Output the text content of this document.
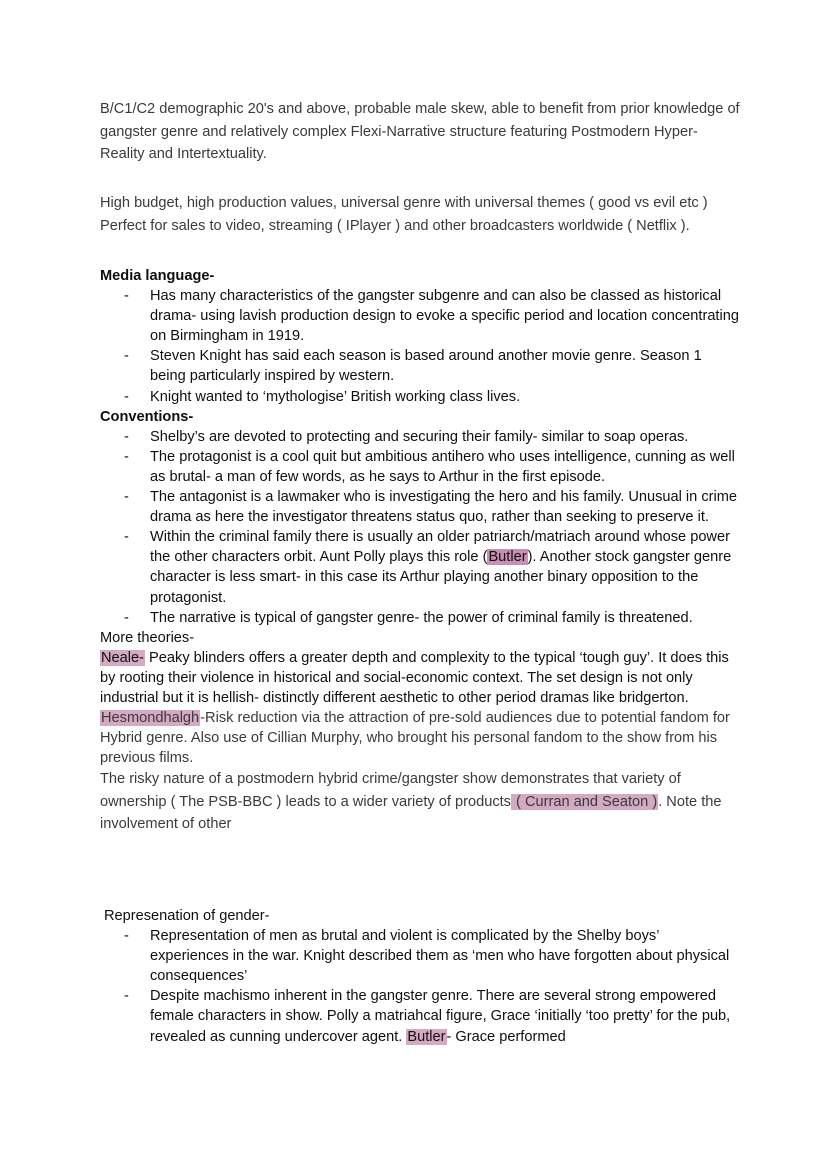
B/C1/C2 demographic 20's and above, probable male skew, able to benefit from prior knowledge of gangster genre and relatively complex Flexi-Narrative structure featuring Postmodern Hyper-Reality and Intertextuality.

High budget, high production values, universal genre with universal themes ( good vs evil etc ) Perfect for sales to video, streaming ( IPlayer ) and other broadcasters worldwide ( Netflix ).

Media language-

- Has many characteristics of the gangster subgenre and can also be classed as historical drama- using lavish production design to evoke a specific period and location concentrating on Birmingham in 1919.
- Steven Knight has said each season is based around another movie genre. Season 1 being particularly inspired by western.
- Knight wanted to ‘mythologise’ British working class lives.

Conventions-

- Shelby’s are devoted to protecting and securing their family- similar to soap operas.
- The protagonist is a cool quit but ambitious antihero who uses intelligence, cunning as well as brutal- a man of few words, as he says to Arthur in the first episode.
- The antagonist is a lawmaker who is investigating the hero and his family. Unusual in crime drama as here the investigator threatens status quo, rather than seeking to preserve it.
- Within the criminal family there is usually an older patriarch/matriach around whose power the other characters orbit. Aunt Polly plays this role (Butler). Another stock gangster genre character is less smart- in this case its Arthur playing another binary opposition to the protagonist.
- The narrative is typical of gangster genre- the power of criminal family is threatened.

More theories-

Neale- Peaky blinders offers a greater depth and complexity to the typical ‘tough guy’. It does this by rooting their violence in historical and social-economic context. The set design is not only industrial but it is hellish- distinctly different aesthetic to other period dramas like bridgerton.

Hesmondhalgh-Risk reduction via the attraction of pre-sold audiences due to potential fandom for Hybrid genre. Also use of Cillian Murphy, who brought his personal fandom to the show from his previous films.

The risky nature of a postmodern hybrid crime/gangster show demonstrates that variety of ownership ( The PSB-BBC ) leads to a wider variety of products ( Curran and Seaton ). Note the involvement of other

Represenation of gender-

- Representation of men as brutal and violent is complicated by the Shelby boys’ experiences in the war. Knight described them as ‘men who have forgotten about physical consequences’
- Despite machismo inherent in the gangster genre. There are several strong empowered female characters in show. Polly a matriahcal figure, Grace ‘initially ‘too pretty’ for the pub, revealed as cunning undercover agent. Butler- Grace performed
